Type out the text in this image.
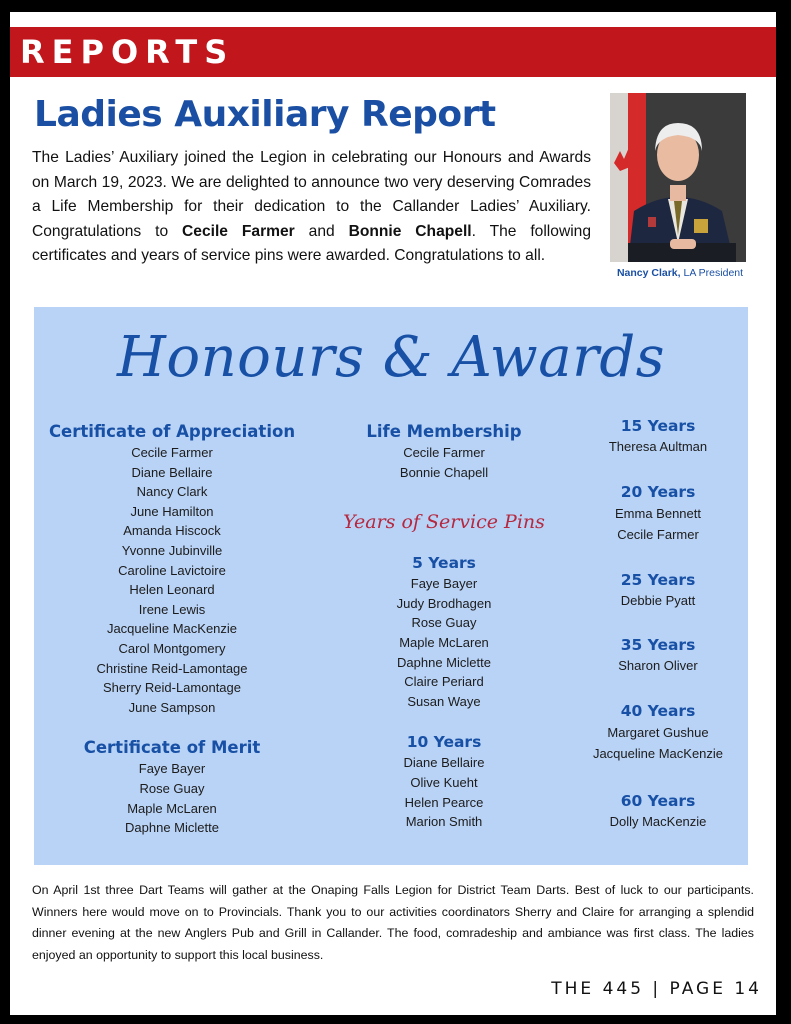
REPORTS
Ladies Auxiliary Report

The Ladies’ Auxiliary joined the Legion in celebrating our Honours and Awards on March 19, 2023. We are delighted to announce two very deserving Comrades a Life Membership for their dedication to the Callander Ladies’ Auxiliary. Congratulations to Cecile Farmer and Bonnie Chapell. The following certificates and years of service pins were awarded. Congratulations to all.

Nancy Clark, LA President
Honours & Awards
Certificate of Appreciation
Cecile Farmer
Diane Bellaire
Nancy Clark
June Hamilton
Amanda Hiscock
Yvonne Jubinville
Caroline Lavictoire
Helen Leonard
Irene Lewis
Jacqueline MacKenzie
Carol Montgomery
Christine Reid-Lamontage
Sherry Reid-Lamontage
June Sampson
Certificate of Merit
Faye Bayer
Rose Guay
Maple McLaren
Daphne Miclette
Life Membership
Cecile Farmer
Bonnie Chapell
Years of Service Pins
5 Years
Faye Bayer
Judy Brodhagen
Rose Guay
Maple McLaren
Daphne Miclette
Claire Periard
Susan Waye
10 Years
Diane Bellaire
Olive Kueht
Helen Pearce
Marion Smith
15 Years
Theresa Aultman
20 Years
Emma Bennett
Cecile Farmer
25 Years
Debbie Pyatt
35 Years
Sharon Oliver
40 Years
Margaret Gushue
Jacqueline MacKenzie
60 Years
Dolly MacKenzie

On April 1st three Dart Teams will gather at the Onaping Falls Legion for District Team Darts. Best of luck to our participants. Winners here would move on to Provincials. Thank you to our activities coordinators Sherry and Claire for arranging a splendid dinner evening at the new Anglers Pub and Grill in Callander. The food, comradeship and ambiance was first class. The ladies enjoyed an opportunity to support this local business.

THE 445 | PAGE 14
